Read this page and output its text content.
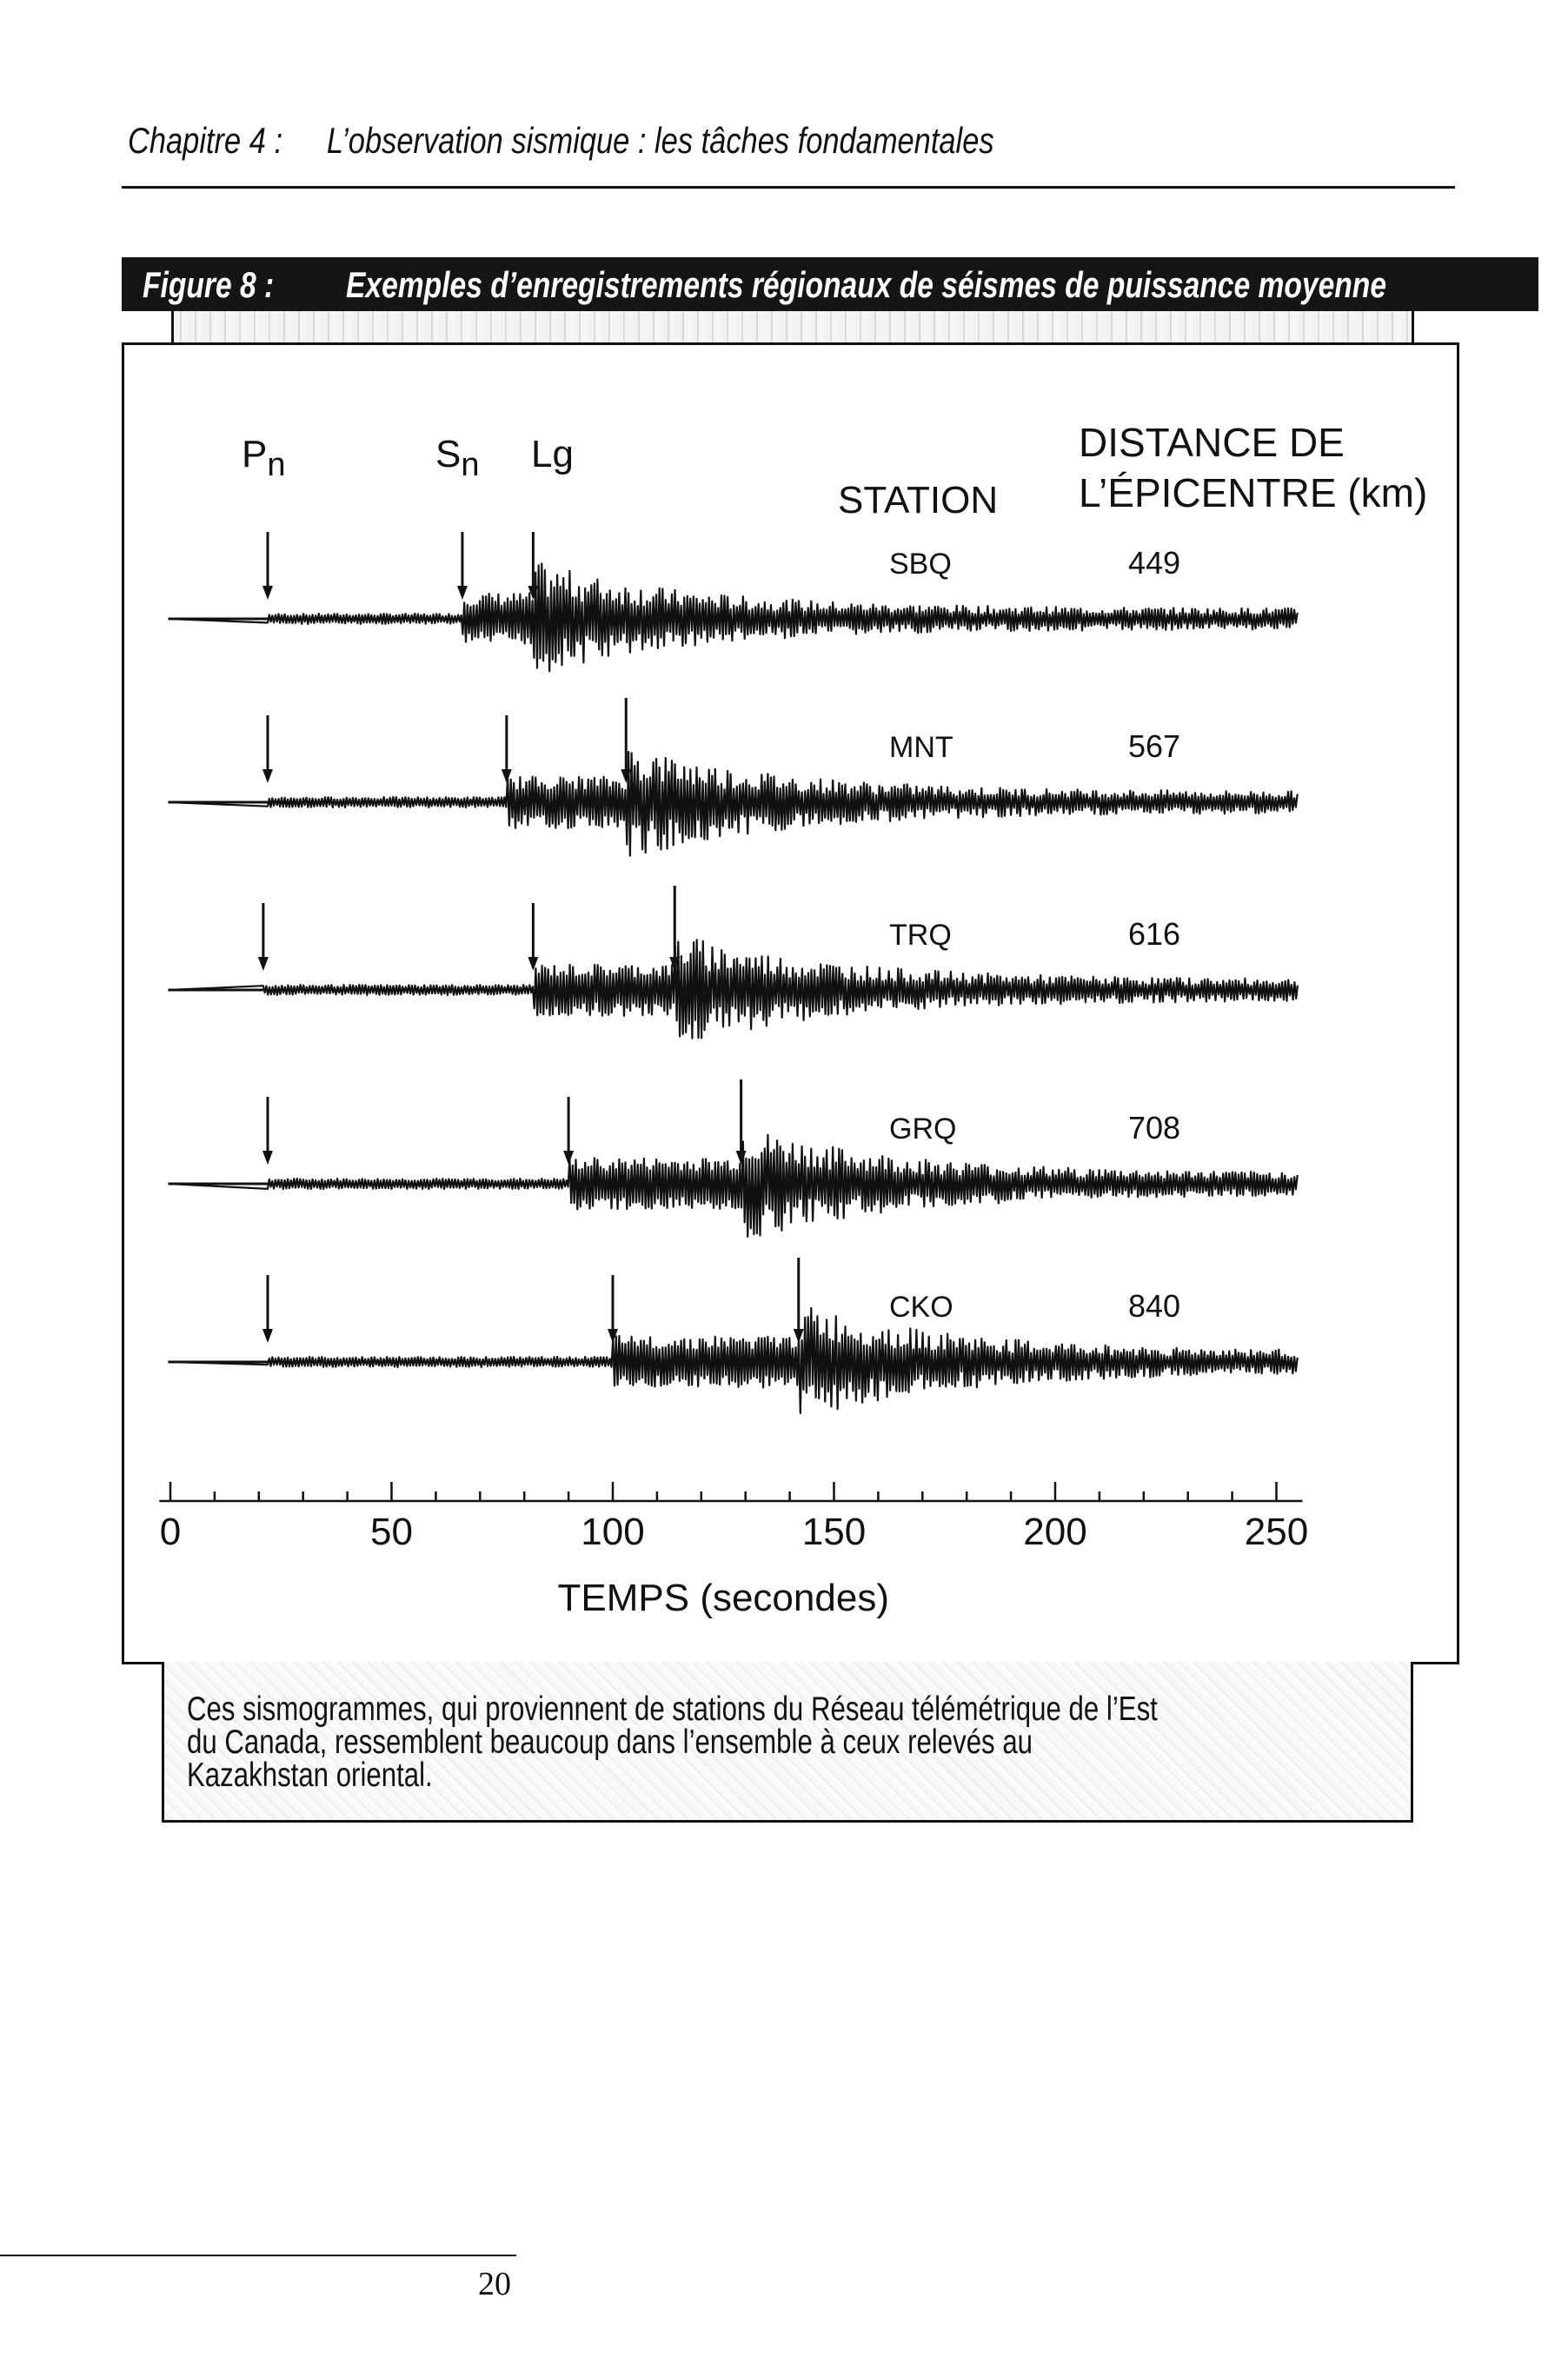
Chapitre 4 : L’observation sismique : les tâches fondamentales
Figure 8 : Exemples d’enregistrements régionaux de séismes de puissance moyenne
Pn	Sn Lg
STATION
DISTANCE DE
L’ÉPICENTRE (km)
SBQ	449
MNT	567
TRQ	616
GRQ	708
CKO	840
0	50	100	150	200	250
TEMPS (secondes)
Ces sismogrammes, qui proviennent de stations du Réseau télémétrique de l’Est
du Canada, ressemblent beaucoup dans l’ensemble à ceux relevés au
Kazakhstan oriental.
20
